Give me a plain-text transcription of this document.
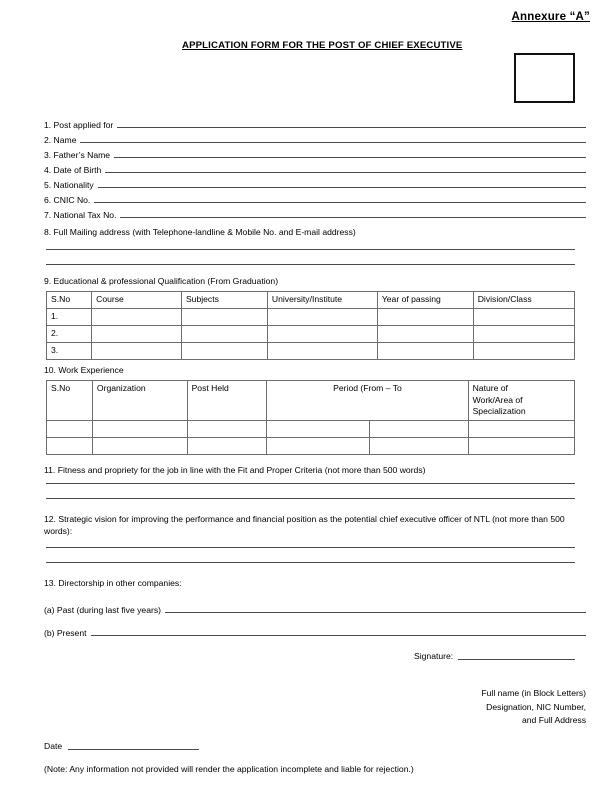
Annexure “A”
APPLICATION FORM FOR THE POST OF CHIEF EXECUTIVE
1. Post applied for
2. Name
3. Father’s Name
4. Date of Birth
5. Nationality
6. CNIC No.
7. National Tax No.
8. Full Mailing address (with Telephone-landline & Mobile No. and E-mail address)
9. Educational & professional Qualification (From Graduation)
S.No	Course	Subjects	University/Institute	Year of passing	Division/Class
1.					
2.					
3.					
10. Work Experience
S.No	Organization	Post Held	Period (From – To		Nature of
Work/Area of
Specialization

11. Fitness and propriety for the job in line with the Fit and Proper Criteria (not more than 500 words)
12. Strategic vision for improving the performance and financial position as the potential chief executive officer of NTL (not more than 500 words):
13. Directorship in other companies:
(a) Past (during last five years)
(b) Present
Signature:
Full name (in Block Letters)
Designation, NIC Number,
and Full Address
Date
(Note: Any information not provided will render the application incomplete and liable for rejection.)
